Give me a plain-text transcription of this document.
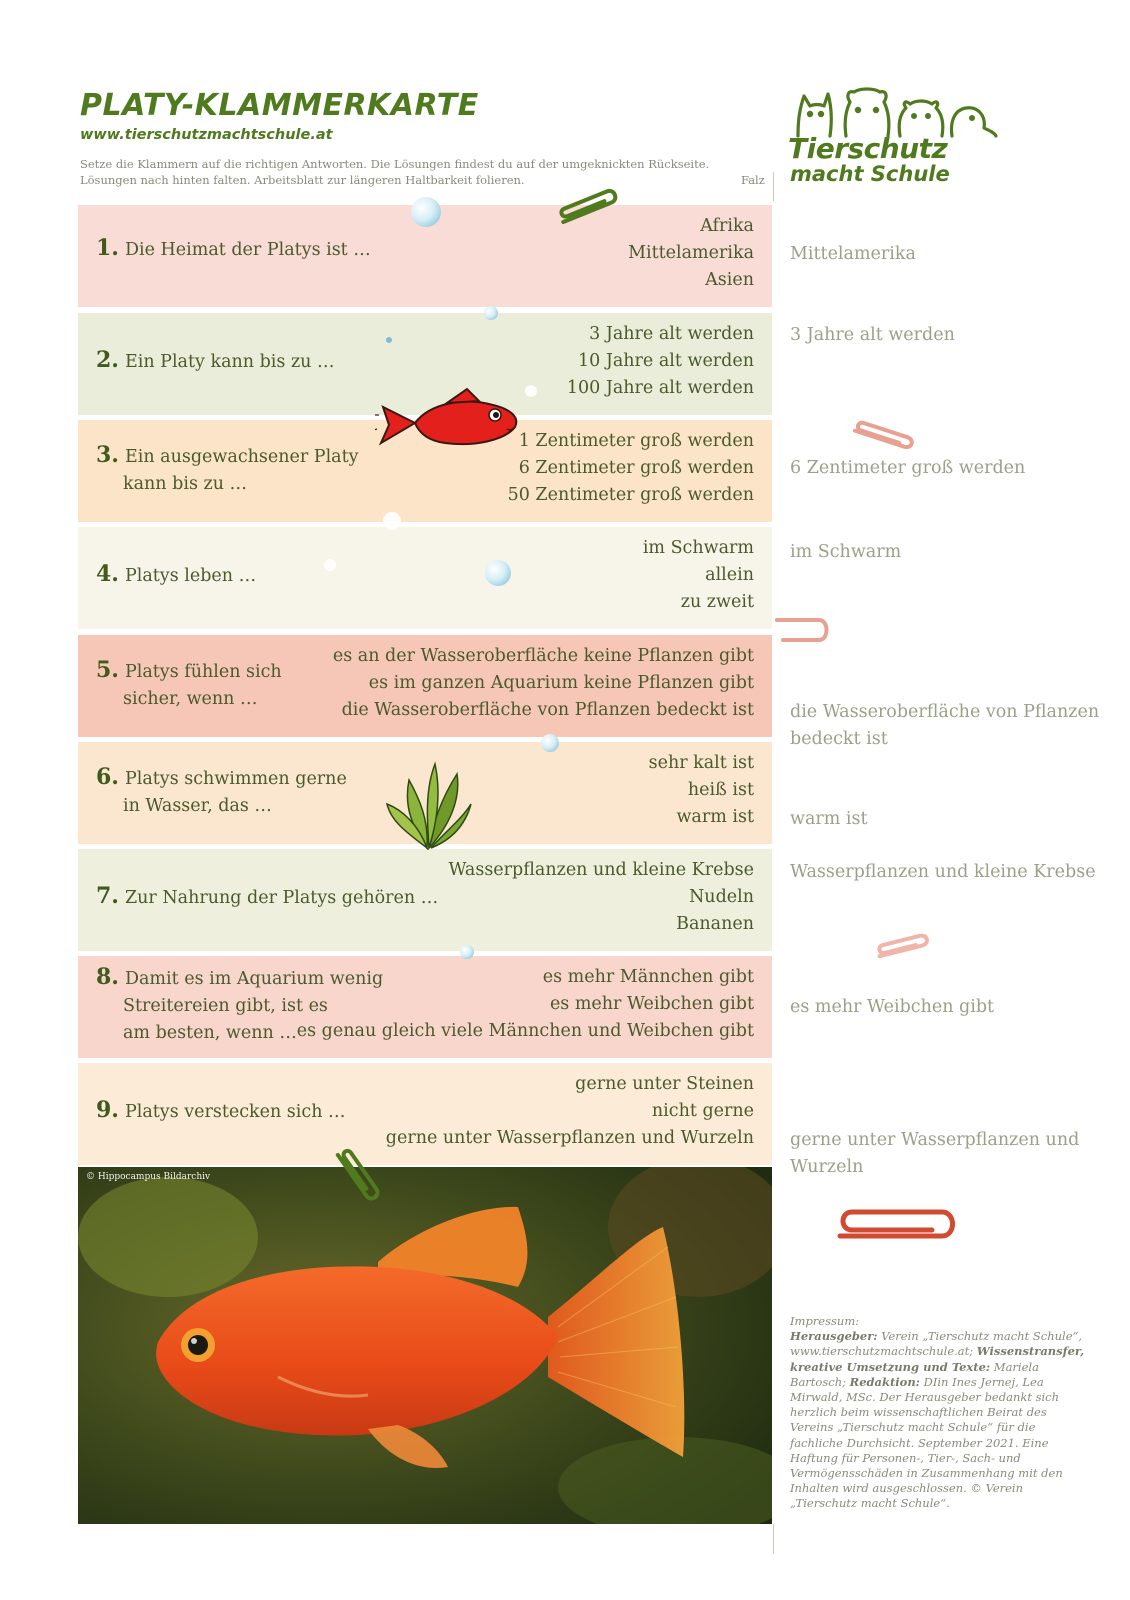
PLATY-KLAMMERKARTE
www.tierschutzmachtschule.at
Setze die Klammern auf die richtigen Antworten. Die Lösungen findest du auf der umgeknickten Rückseite.
Lösungen nach hinten falten. Arbeitsblatt zur längeren Haltbarkeit folieren.	Falz
Tierschutz
macht Schule
1. Die Heimat der Platys ist …
Afrika
Mittelamerika
Asien
2. Ein Platy kann bis zu …
3 Jahre alt werden
10 Jahre alt werden
100 Jahre alt werden
3. Ein ausgewachsener Platy
kann bis zu …
1 Zentimeter groß werden
6 Zentimeter groß werden
50 Zentimeter groß werden
4. Platys leben …
im Schwarm
allein
zu zweit
5. Platys fühlen sich
sicher, wenn …
es an der Wasseroberfläche keine Pflanzen gibt
es im ganzen Aquarium keine Pflanzen gibt
die Wasseroberfläche von Pflanzen bedeckt ist
6. Platys schwimmen gerne
in Wasser, das …
sehr kalt ist
heiß ist
warm ist
7. Zur Nahrung der Platys gehören …
Wasserpflanzen und kleine Krebse
Nudeln
Bananen
8. Damit es im Aquarium wenig
Streitereien gibt, ist es
am besten, wenn …
es mehr Männchen gibt
es mehr Weibchen gibt
es genau gleich viele Männchen und Weibchen gibt
9. Platys verstecken sich …
gerne unter Steinen
nicht gerne
gerne unter Wasserpflanzen und Wurzeln
Mittelamerika
3 Jahre alt werden
6 Zentimeter groß werden
im Schwarm
die Wasseroberfläche von Pflanzen bedeckt ist
warm ist
Wasserpflanzen und kleine Krebse
es mehr Weibchen gibt
gerne unter Wasserpflanzen und Wurzeln
© Hippocampus Bildarchiv
Impressum:
Herausgeber: Verein „Tierschutz macht Schule“, www.tierschutzmachtschule.at; Wissenstransfer, kreative Umsetzung und Texte: Mariela Bartosch; Redaktion: DIin Ines Jernej, Lea Mirwald, MSc. Der Herausgeber bedankt sich herzlich beim wissenschaftlichen Beirat des Vereins „Tierschutz macht Schule“ für die fachliche Durchsicht. September 2021. Eine Haftung für Personen-, Tier-, Sach- und Vermögensschäden in Zusammenhang mit den Inhalten wird ausgeschlossen. © Verein „Tierschutz macht Schule“.
